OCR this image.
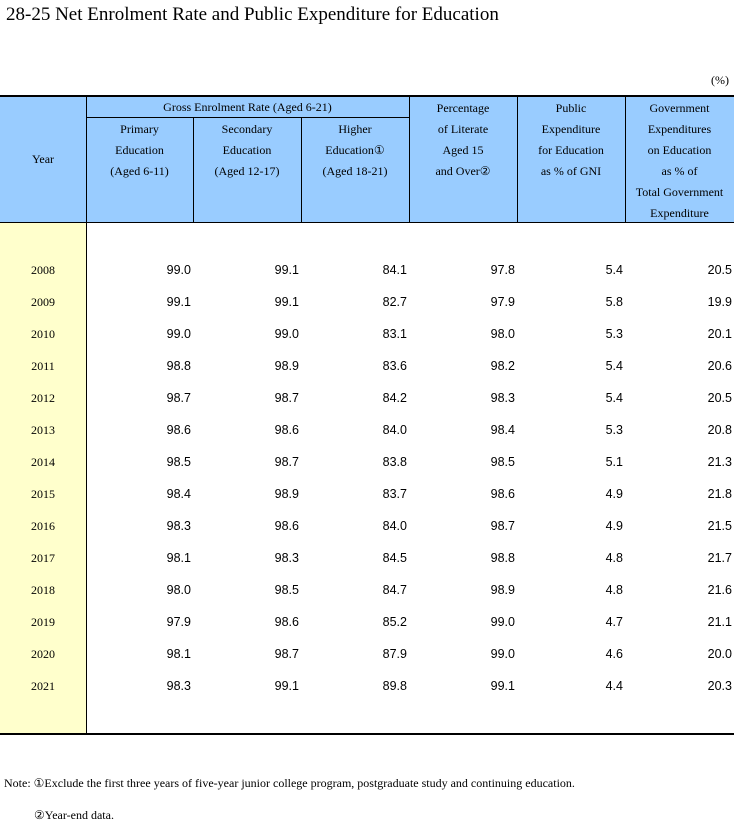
28-25 Net Enrolment Rate and Public Expenditure for Education
(%)
Year
Gross Enrolment Rate (Aged 6-21)
Primary
Education
(Aged 6-11)
Secondary
Education
(Aged 12-17)
Higher
Education①
(Aged 18-21)
Percentage
of Literate
Aged 15
and Over②
Public
Expenditure
for Education
as % of GNI
Government
Expenditures
on Education
as % of
Total Government
Expenditure
2008	99.0	99.1	84.1	97.8	5.4	20.5
2009	99.1	99.1	82.7	97.9	5.8	19.9
2010	99.0	99.0	83.1	98.0	5.3	20.1
2011	98.8	98.9	83.6	98.2	5.4	20.6
2012	98.7	98.7	84.2	98.3	5.4	20.5
2013	98.6	98.6	84.0	98.4	5.3	20.8
2014	98.5	98.7	83.8	98.5	5.1	21.3
2015	98.4	98.9	83.7	98.6	4.9	21.8
2016	98.3	98.6	84.0	98.7	4.9	21.5
2017	98.1	98.3	84.5	98.8	4.8	21.7
2018	98.0	98.5	84.7	98.9	4.8	21.6
2019	97.9	98.6	85.2	99.0	4.7	21.1
2020	98.1	98.7	87.9	99.0	4.6	20.0
2021	98.3	99.1	89.8	99.1	4.4	20.3
Note: ①Exclude the first three years of five-year junior college program, postgraduate study and continuing education.
②Year-end data.
